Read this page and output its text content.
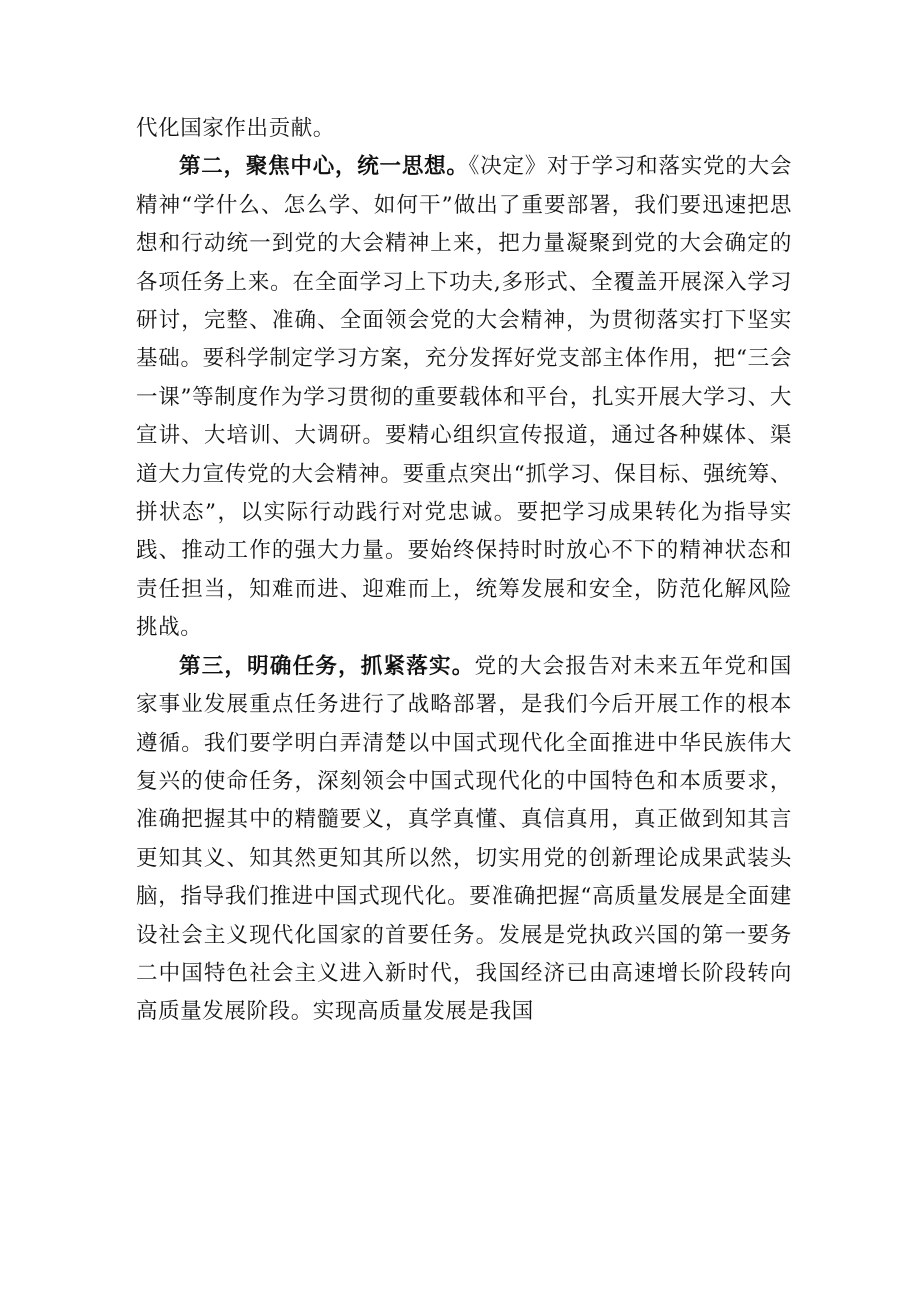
代化国家作出贡献。

第二，聚焦中心，统一思想。《决定》对于学习和落实党的大会精神“学什么、怎么学、如何干”做出了重要部署，我们要迅速把思想和行动统一到党的大会精神上来，把力量凝聚到党的大会确定的各项任务上来。在全面学习上下功夫,多形式、全覆盖开展深入学习研讨，完整、准确、全面领会党的大会精神，为贯彻落实打下坚实基础。要科学制定学习方案，充分发挥好党支部主体作用，把“三会一课”等制度作为学习贯彻的重要载体和平台，扎实开展大学习、大宣讲、大培训、大调研。要精心组织宣传报道，通过各种媒体、渠道大力宣传党的大会精神。要重点突出“抓学习、保目标、强统筹、拼状态”，以实际行动践行对党忠诚。要把学习成果转化为指导实践、推动工作的强大力量。要始终保持时时放心不下的精神状态和责任担当，知难而进、迎难而上，统筹发展和安全，防范化解风险挑战。

第三，明确任务，抓紧落实。党的大会报告对未来五年党和国家事业发展重点任务进行了战略部署，是我们今后开展工作的根本遵循。我们要学明白弄清楚以中国式现代化全面推进中华民族伟大复兴的使命任务，深刻领会中国式现代化的中国特色和本质要求，准确把握其中的精髓要义，真学真懂、真信真用，真正做到知其言更知其义、知其然更知其所以然，切实用党的创新理论成果武装头脑，指导我们推进中国式现代化。要准确把握“高质量发展是全面建设社会主义现代化国家的首要任务。发展是党执政兴国的第一要务二中国特色社会主义进入新时代，我国经济已由高速增长阶段转向高质量发展阶段。实现高质量发展是我国
